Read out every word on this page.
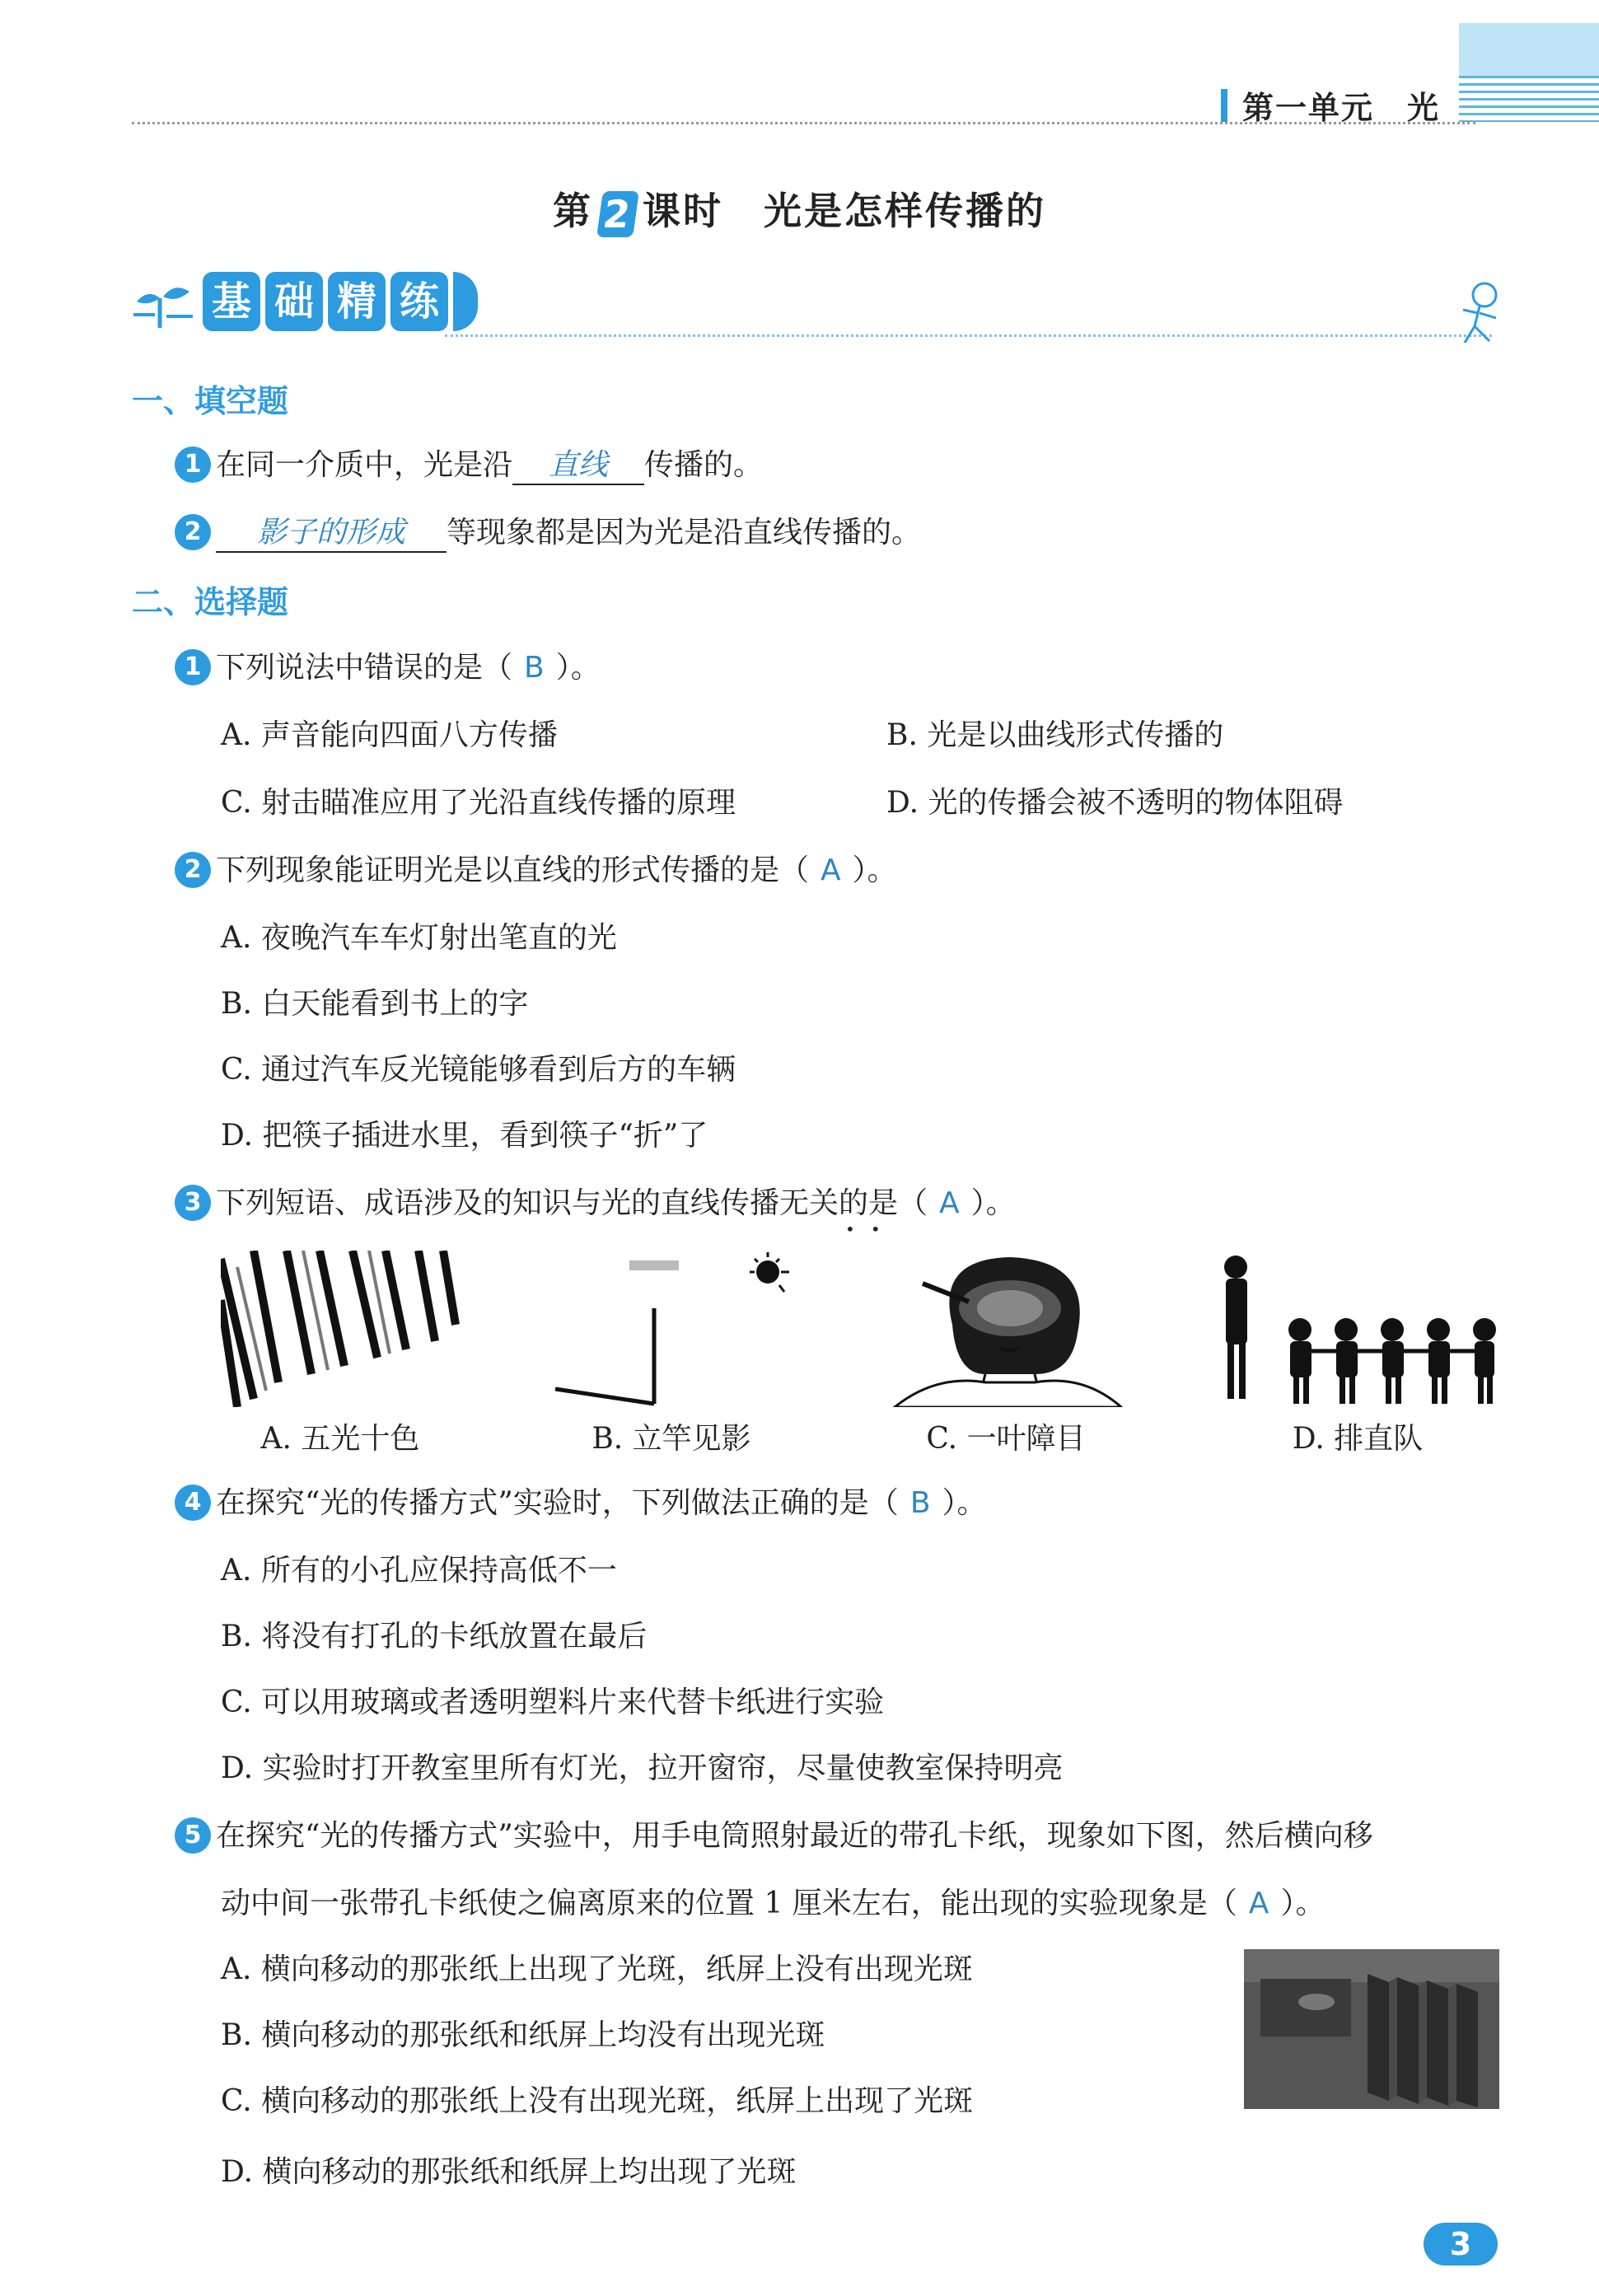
第一单元　光
第 2 课时　光是怎样传播的
基 础 精 练
一、填空题
1 在同一介质中，光是沿 直线 传播的。
2 影子的形成 等现象都是因为光是沿直线传播的。
二、选择题
1 下列说法中错误的是（ B ）。
A. 声音能向四面八方传播	B. 光是以曲线形式传播的
C. 射击瞄准应用了光沿直线传播的原理	D. 光的传播会被不透明的物体阻碍
2 下列现象能证明光是以直线的形式传播的是（ A ）。
A. 夜晚汽车车灯射出笔直的光
B. 白天能看到书上的字
C. 通过汽车反光镜能够看到后方的车辆
D. 把筷子插进水里，看到筷子“折”了
3 下列短语、成语涉及的知识与光的直线传播无关的是（ A ）。
•   •
A. 五光十色	B. 立竿见影	C. 一叶障目	D. 排直队
4 在探究“光的传播方式”实验时，下列做法正确的是（ B ）。
A. 所有的小孔应保持高低不一
B. 将没有打孔的卡纸放置在最后
C. 可以用玻璃或者透明塑料片来代替卡纸进行实验
D. 实验时打开教室里所有灯光，拉开窗帘，尽量使教室保持明亮
5 在探究“光的传播方式”实验中，用手电筒照射最近的带孔卡纸，现象如下图，然后横向移
动中间一张带孔卡纸使之偏离原来的位置 1 厘米左右，能出现的实验现象是（ A ）。
A. 横向移动的那张纸上出现了光斑，纸屏上没有出现光斑
B. 横向移动的那张纸和纸屏上均没有出现光斑
C. 横向移动的那张纸上没有出现光斑，纸屏上出现了光斑
D. 横向移动的那张纸和纸屏上均出现了光斑
3
